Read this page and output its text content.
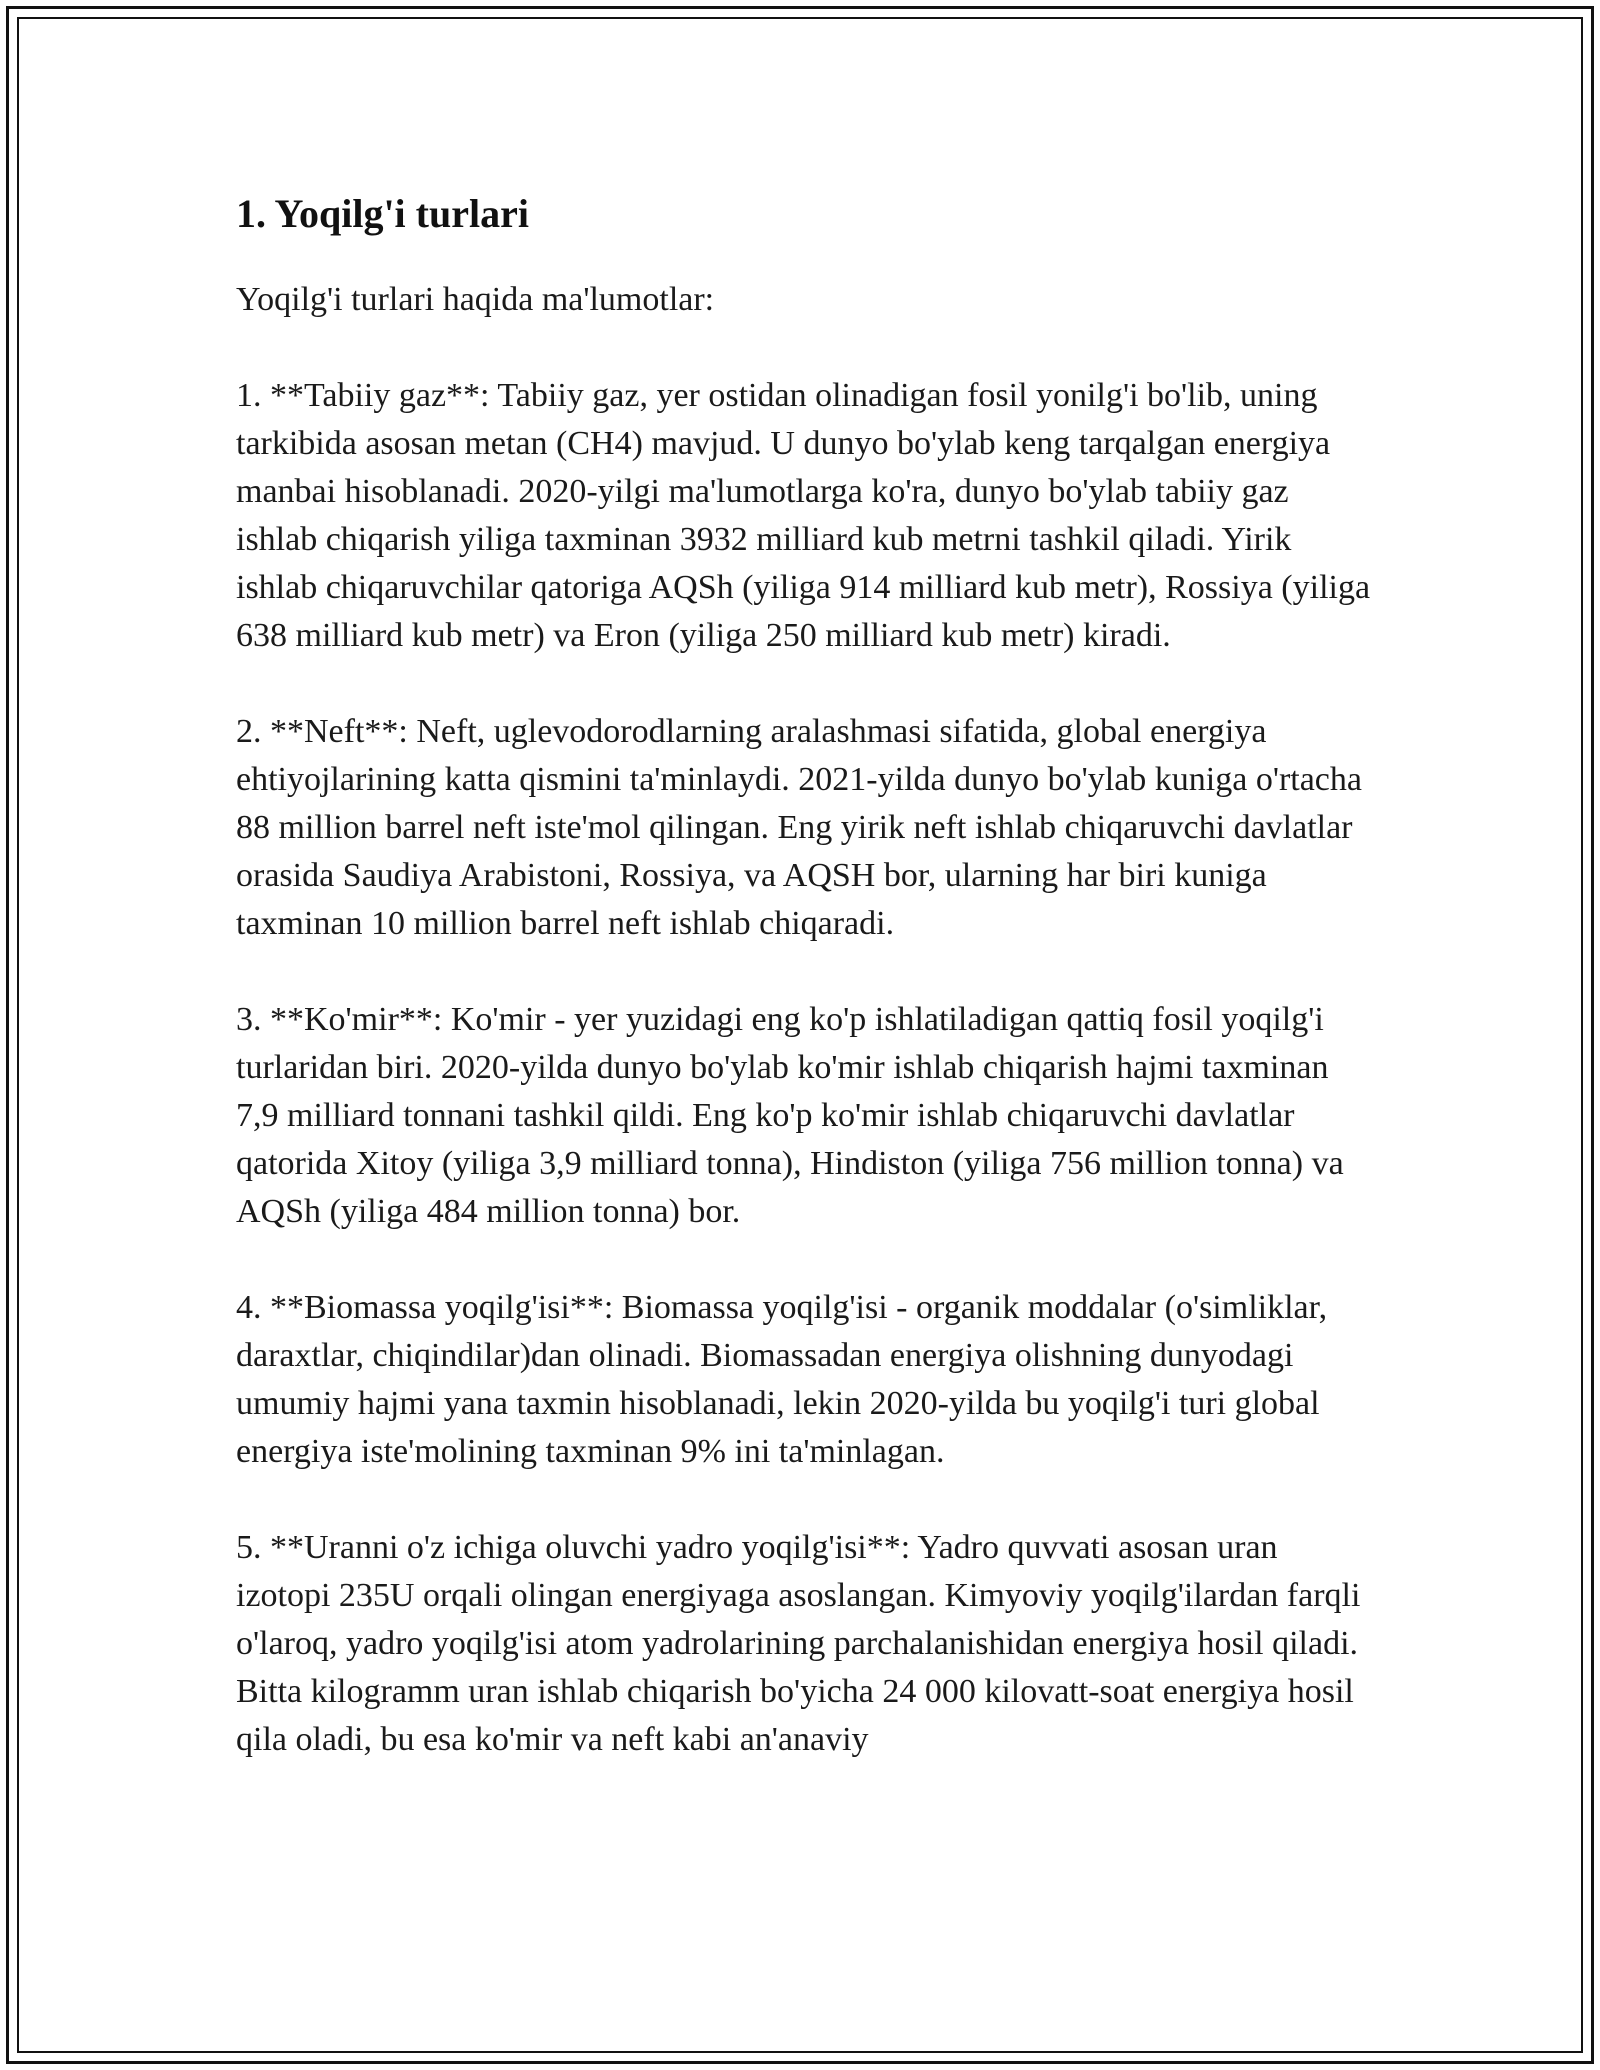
1. Yoqilg'i turlari

Yoqilg'i turlari haqida ma'lumotlar:

1. **Tabiiy gaz**: Tabiiy gaz, yer ostidan olinadigan fosil yonilg'i bo'lib, uning tarkibida asosan metan (CH4) mavjud. U dunyo bo'ylab keng tarqalgan energiya manbai hisoblanadi. 2020-yilgi ma'lumotlarga ko'ra, dunyo bo'ylab tabiiy gaz ishlab chiqarish yiliga taxminan 3932 milliard kub metrni tashkil qiladi. Yirik ishlab chiqaruvchilar qatoriga AQSh (yiliga 914 milliard kub metr), Rossiya (yiliga 638 milliard kub metr) va Eron (yiliga 250 milliard kub metr) kiradi.

2. **Neft**: Neft, uglevodorodlarning aralashmasi sifatida, global energiya ehtiyojlarining katta qismini ta'minlaydi. 2021-yilda dunyo bo'ylab kuniga o'rtacha 88 million barrel neft iste'mol qilingan. Eng yirik neft ishlab chiqaruvchi davlatlar orasida Saudiya Arabistoni, Rossiya, va AQSH bor, ularning har biri kuniga taxminan 10 million barrel neft ishlab chiqaradi.

3. **Ko'mir**: Ko'mir - yer yuzidagi eng ko'p ishlatiladigan qattiq fosil yoqilg'i turlaridan biri. 2020-yilda dunyo bo'ylab ko'mir ishlab chiqarish hajmi taxminan 7,9 milliard tonnani tashkil qildi. Eng ko'p ko'mir ishlab chiqaruvchi davlatlar qatorida Xitoy (yiliga 3,9 milliard tonna), Hindiston (yiliga 756 million tonna) va AQSh (yiliga 484 million tonna) bor.

4. **Biomassa yoqilg'isi**: Biomassa yoqilg'isi - organik moddalar (o'simliklar, daraxtlar, chiqindilar)dan olinadi. Biomassadan energiya olishning dunyodagi umumiy hajmi yana taxmin hisoblanadi, lekin 2020-yilda bu yoqilg'i turi global energiya iste'molining taxminan 9% ini ta'minlagan.

5. **Uranni o'z ichiga oluvchi yadro yoqilg'isi**: Yadro quvvati asosan uran izotopi 235U orqali olingan energiyaga asoslangan. Kimyoviy yoqilg'ilardan farqli o'laroq, yadro yoqilg'isi atom yadrolarining parchalanishidan energiya hosil qiladi. Bitta kilogramm uran ishlab chiqarish bo'yicha 24 000 kilovatt-soat energiya hosil qila oladi, bu esa ko'mir va neft kabi an'anaviy
